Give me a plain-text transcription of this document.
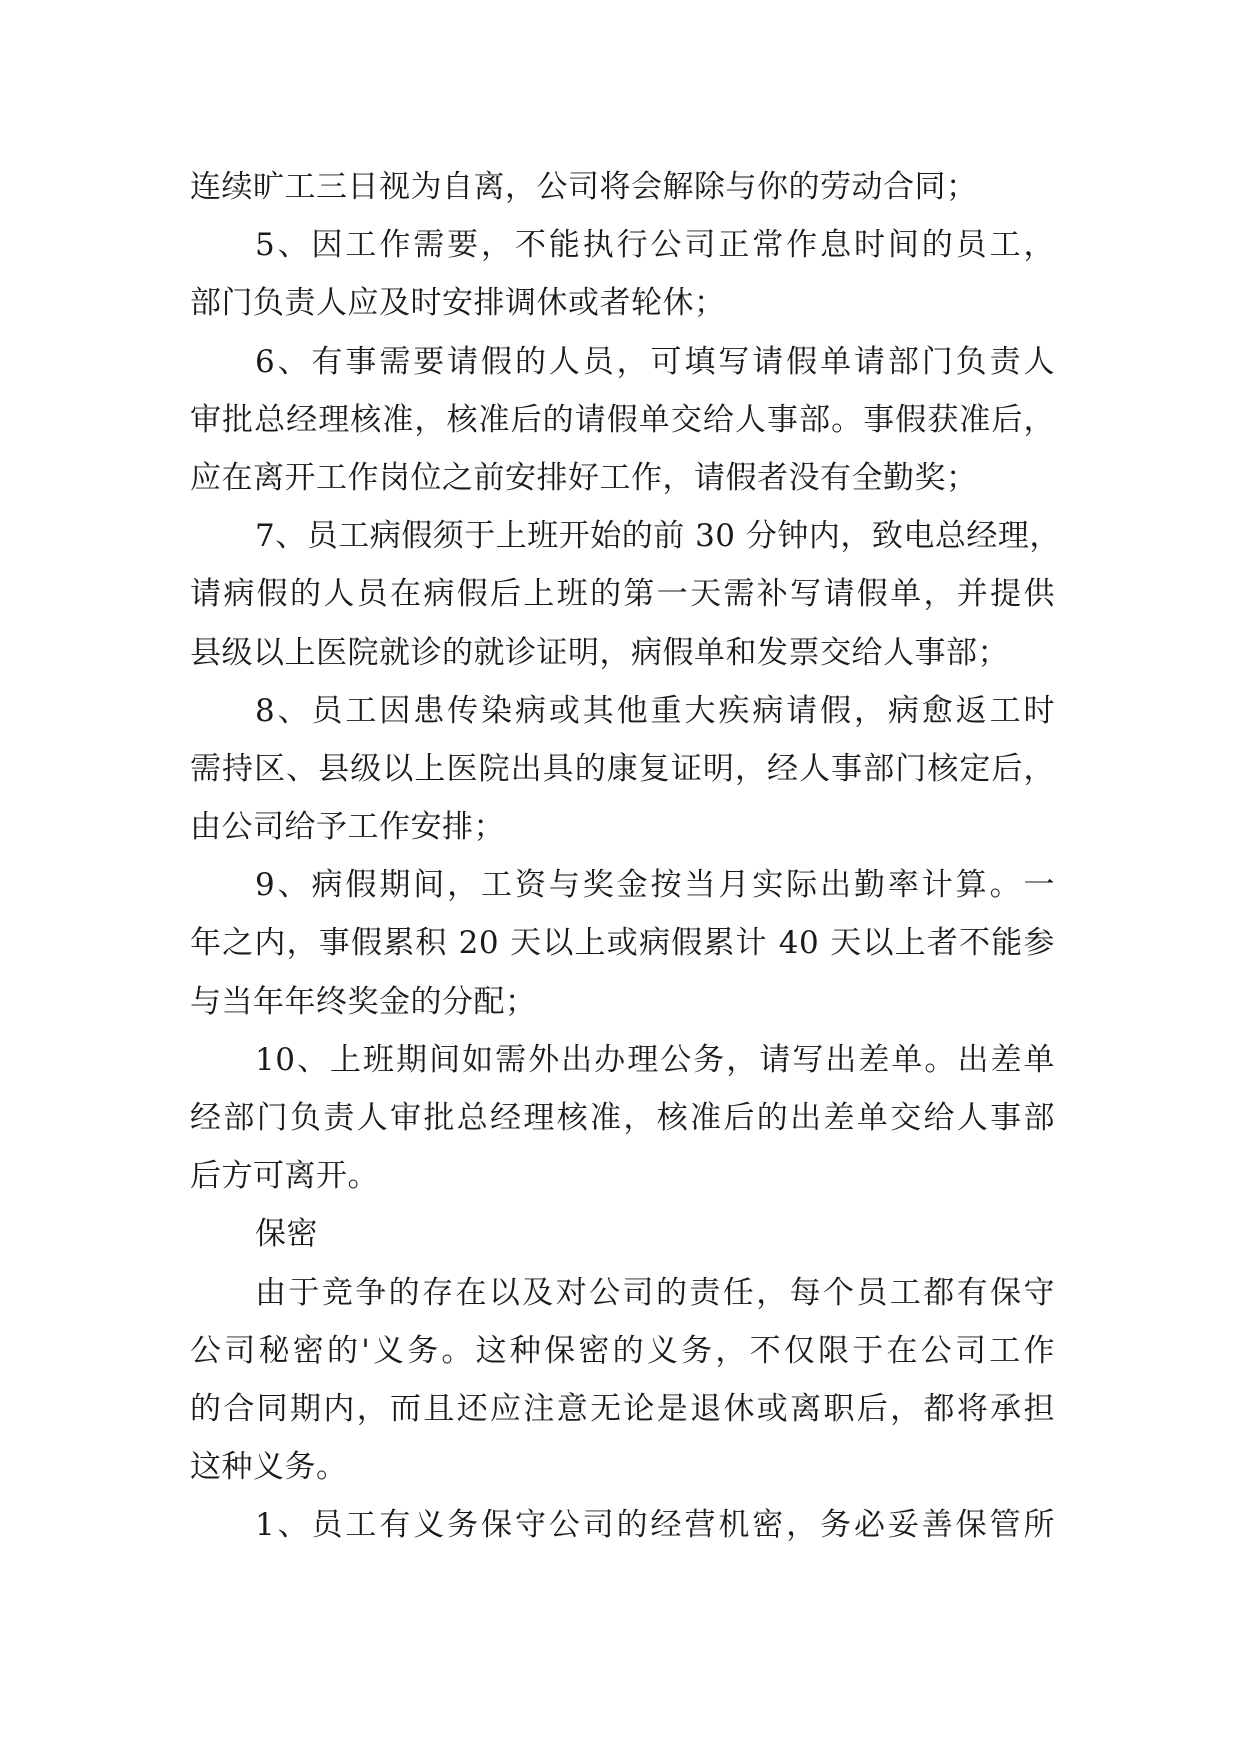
连续旷工三日视为自离，公司将会解除与你的劳动合同；
5、因工作需要，不能执行公司正常作息时间的员工，
部门负责人应及时安排调休或者轮休；
6、有事需要请假的人员，可填写请假单请部门负责人
审批总经理核准，核准后的请假单交给人事部。事假获准后，
应在离开工作岗位之前安排好工作，请假者没有全勤奖；
7、员工病假须于上班开始的前 30 分钟内，致电总经理，
请病假的人员在病假后上班的第一天需补写请假单，并提供
县级以上医院就诊的就诊证明，病假单和发票交给人事部；
8、员工因患传染病或其他重大疾病请假，病愈返工时
需持区、县级以上医院出具的康复证明，经人事部门核定后，
由公司给予工作安排；
9、病假期间，工资与奖金按当月实际出勤率计算。一
年之内，事假累积 20 天以上或病假累计 40 天以上者不能参
与当年年终奖金的分配；
10、上班期间如需外出办理公务，请写出差单。出差单
经部门负责人审批总经理核准，核准后的出差单交给人事部
后方可离开。
保密
由于竞争的存在以及对公司的责任，每个员工都有保守
公司秘密的'义务。这种保密的义务，不仅限于在公司工作
的合同期内，而且还应注意无论是退休或离职后，都将承担
这种义务。
1、员工有义务保守公司的经营机密，务必妥善保管所
